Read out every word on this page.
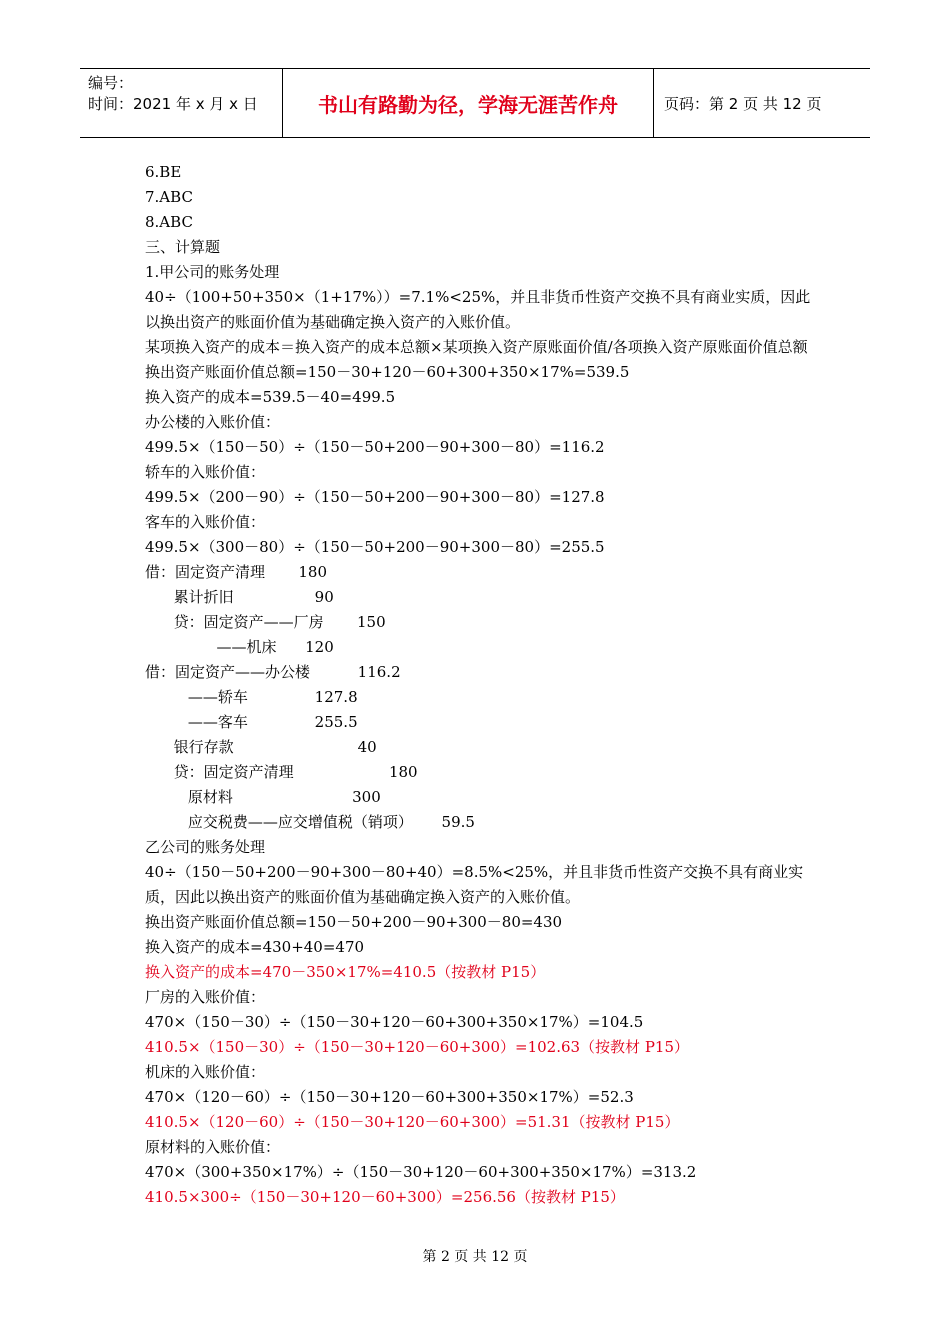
编号：
时间：2021 年 x 月 x 日	书山有路勤为径，学海无涯苦作舟	页码：第 2 页 共 12 页
6.BE
7.ABC
8.ABC
三、计算题
1.甲公司的账务处理
40÷（100+50+350×（1+17%））=7.1%<25%，并且非货币性资产交换不具有商业实质，因此以换出资产的账面价值为基础确定换入资产的入账价值。
某项换入资产的成本＝换入资产的成本总额×某项换入资产原账面价值/各项换入资产原账面价值总额
换出资产账面价值总额=150－30+120－60+300+350×17%=539.5
换入资产的成本=539.5－40=499.5
办公楼的入账价值：
499.5×（150－50）÷（150－50+200－90+300－80）=116.2
轿车的入账价值：
499.5×（200－90）÷（150－50+200－90+300－80）=127.8
客车的入账价值：
499.5×（300－80）÷（150－50+200－90+300－80）=255.5
借：固定资产清理       180
累计折旧                 90
贷：固定资产——厂房       150
——机床      120
借：固定资产——办公楼          116.2
——轿车              127.8
——客车              255.5
银行存款                          40
贷：固定资产清理                    180
原材料                         300
应交税费——应交增值税（销项）      59.5
乙公司的账务处理
40÷（150－50+200－90+300－80+40）=8.5%<25%，并且非货币性资产交换不具有商业实质，因此以换出资产的账面价值为基础确定换入资产的入账价值。
换出资产账面价值总额=150－50+200－90+300－80=430
换入资产的成本=430+40=470
换入资产的成本=470－350×17%=410.5（按教材 P15）
厂房的入账价值：
470×（150－30）÷（150－30+120－60+300+350×17%）=104.5
410.5×（150－30）÷（150－30+120－60+300）=102.63（按教材 P15）
机床的入账价值：
470×（120－60）÷（150－30+120－60+300+350×17%）=52.3
410.5×（120－60）÷（150－30+120－60+300）=51.31（按教材 P15）
原材料的入账价值：
470×（300+350×17%）÷（150－30+120－60+300+350×17%）=313.2
410.5×300÷（150－30+120－60+300）=256.56（按教材 P15）
第 2 页 共 12 页
